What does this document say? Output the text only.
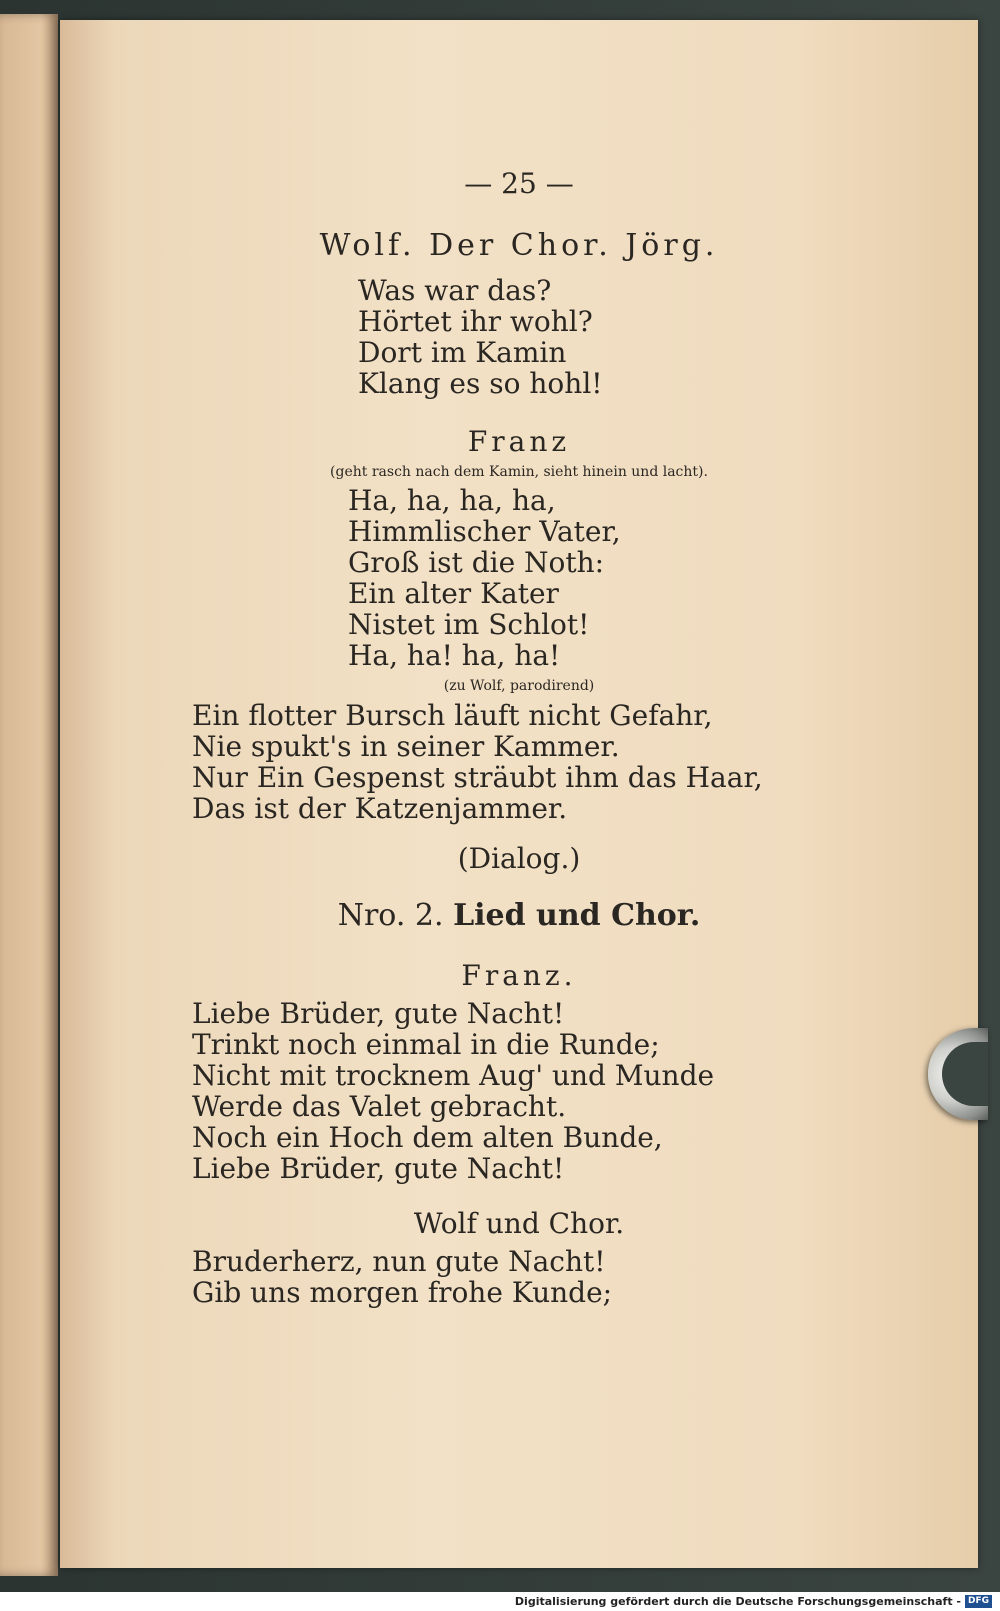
— 25 —
Wolf. Der Chor. Jörg.
Was war das?
Hörtet ihr wohl?
Dort im Kamin
Klang es so hohl!
Franz
(geht rasch nach dem Kamin, sieht hinein und lacht).
Ha, ha, ha, ha,
Himmlischer Vater,
Groß ist die Noth:
Ein alter Kater
Nistet im Schlot!
Ha, ha! ha, ha!
(zu Wolf, parodirend)
Ein flotter Bursch läuft nicht Gefahr,
Nie spukt's in seiner Kammer.
Nur Ein Gespenst sträubt ihm das Haar,
Das ist der Katzenjammer.
(Dialog.)
Nro. 2. Lied und Chor.
Franz.
Liebe Brüder, gute Nacht!
Trinkt noch einmal in die Runde;
Nicht mit trocknem Aug' und Munde
Werde das Valet gebracht.
Noch ein Hoch dem alten Bunde,
Liebe Brüder, gute Nacht!
Wolf und Chor.
Bruderherz, nun gute Nacht!
Gib uns morgen frohe Kunde;
Digitalisierung gefördert durch die Deutsche Forschungsgemeinschaft - DFG
